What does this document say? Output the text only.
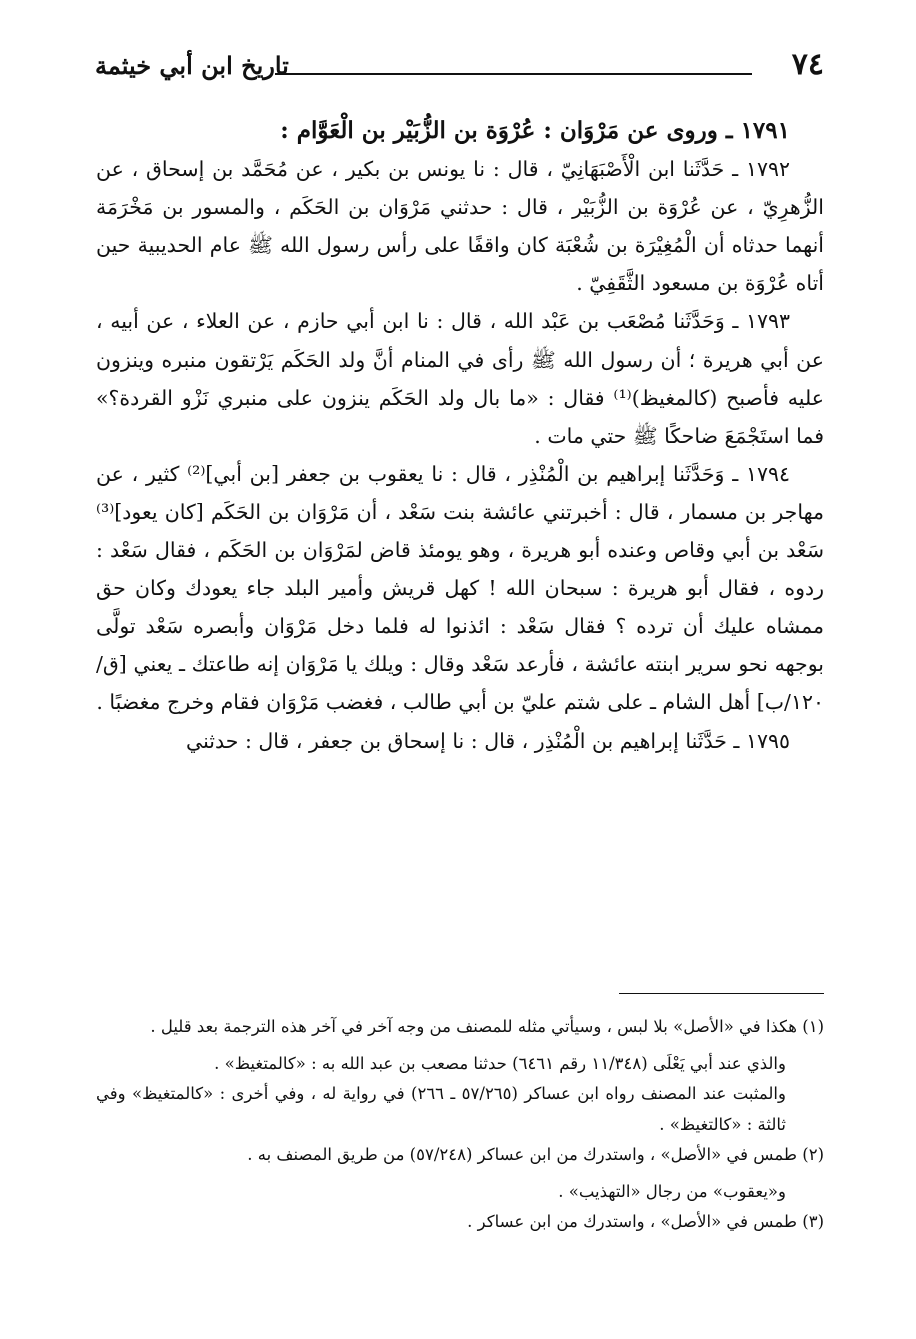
٧٤
تاريخ ابن أبي خيثمة

١٧٩١ ـ وروى عن مَرْوَان : عُرْوَة بن الزُّبَيْر بن الْعَوَّام :

١٧٩٢ ـ حَدَّثَنا ابن الْأَصْبَهَانِيّ ، قال : نا يونس بن بكير ، عن مُحَمَّد بن إسحاق ، عن الزُّهرِيّ ، عن عُرْوَة بن الزُّبَيْر ، قال : حدثني مَرْوَان بن الحَكَم ، والمسور بن مَخْرَمَة أنهما حدثاه أن الْمُغِيْرَة بن شُعْبَة كان واقفًا على رأس رسول الله ﷺ عام الحديبية حين أتاه عُرْوَة بن مسعود الثَّقَفِيّ .

١٧٩٣ ـ وَحَدَّثَنا مُصْعَب بن عَبْد الله ، قال : نا ابن أبي حازم ، عن العلاء ، عن أبيه ، عن أبي هريرة ؛ أن رسول الله ﷺ رأى في المنام أنَّ ولد الحَكَم يَرْتقون منبره وينزون عليه فأصبح (كالمغيظ)⁽¹⁾ فقال : «ما بال ولد الحَكَم ينزون على منبري نَزْو القردة؟» فما استَجْمَعَ ضاحكًا ﷺ حتي مات .

١٧٩٤ ـ وَحَدَّثَنا إبراهيم بن الْمُنْذِر ، قال : نا يعقوب بن جعفر [بن أبي]⁽²⁾ كثير ، عن مهاجر بن مسمار ، قال : أخبرتني عائشة بنت سَعْد ، أن مَرْوَان بن الحَكَم [كان يعود]⁽³⁾ سَعْد بن أبي وقاص وعنده أبو هريرة ، وهو يومئذ قاض لمَرْوَان بن الحَكَم ، فقال سَعْد : ردوه ، فقال أبو هريرة : سبحان الله ! كهل قريش وأمير البلد جاء يعودك وكان حق ممشاه عليك أن ترده ؟ فقال سَعْد : ائذنوا له فلما دخل مَرْوَان وأبصره سَعْد تولَّى بوجهه نحو سرير ابنته عائشة ، فأرعد سَعْد وقال : ويلك يا مَرْوَان إنه طاعتك ـ يعني [ق/١٢٠/ب] أهل الشام ـ على شتم عليّ بن أبي طالب ، فغضب مَرْوَان فقام وخرج مغضبًا .

١٧٩٥ ـ حَدَّثَنا إبراهيم بن الْمُنْذِر ، قال : نا إسحاق بن جعفر ، قال : حدثني

(١) هكذا في «الأصل» بلا لبس ، وسيأتي مثله للمصنف من وجه آخر في آخر هذه الترجمة بعد قليل .

والذي عند أبي يَعْلَى (١١/٣٤٨ رقم ٦٤٦١) حدثنا مصعب بن عبد الله به : «كالمتغيظ» .

والمثبت عند المصنف رواه ابن عساكر (٥٧/٢٦٥ ـ ٢٦٦) في رواية له ، وفي أخرى : «كالمتغيظ» وفي ثالثة : «كالتغيظ» .

(٢) طمس في «الأصل» ، واستدرك من ابن عساكر (٥٧/٢٤٨) من طريق المصنف به .

و«يعقوب» من رجال «التهذيب» .

(٣) طمس في «الأصل» ، واستدرك من ابن عساكر .
